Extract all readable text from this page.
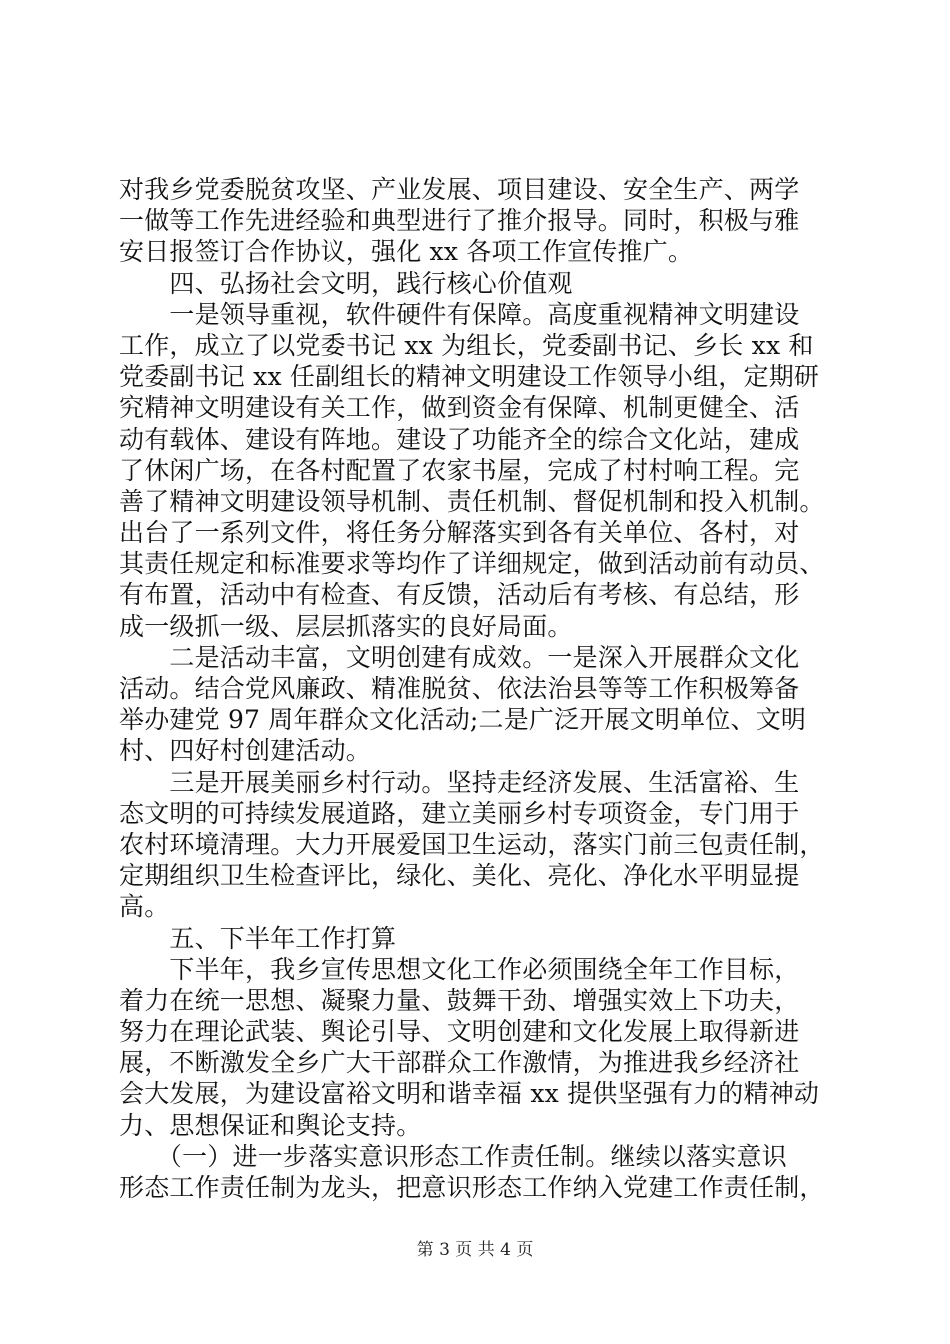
对我乡党委脱贫攻坚、产业发展、项目建设、安全生产、两学
一做等工作先进经验和典型进行了推介报导。同时，积极与雅
安日报签订合作协议，强化 xx 各项工作宣传推广。
　　四、弘扬社会文明，践行核心价值观
　　一是领导重视，软件硬件有保障。高度重视精神文明建设
工作，成立了以党委书记 xx 为组长，党委副书记、乡长 xx 和
党委副书记 xx 任副组长的精神文明建设工作领导小组，定期研
究精神文明建设有关工作，做到资金有保障、机制更健全、活
动有载体、建设有阵地。建设了功能齐全的综合文化站，建成
了休闲广场，在各村配置了农家书屋，完成了村村响工程。完
善了精神文明建设领导机制、责任机制、督促机制和投入机制。
出台了一系列文件，将任务分解落实到各有关单位、各村，对
其责任规定和标准要求等均作了详细规定，做到活动前有动员、
有布置，活动中有检查、有反馈，活动后有考核、有总结，形
成一级抓一级、层层抓落实的良好局面。
　　二是活动丰富，文明创建有成效。一是深入开展群众文化
活动。结合党风廉政、精准脱贫、依法治县等等工作积极筹备
举办建党 97 周年群众文化活动;二是广泛开展文明单位、文明
村、四好村创建活动。
　　三是开展美丽乡村行动。坚持走经济发展、生活富裕、生
态文明的可持续发展道路，建立美丽乡村专项资金，专门用于
农村环境清理。大力开展爱国卫生运动，落实门前三包责任制，
定期组织卫生检查评比，绿化、美化、亮化、净化水平明显提
高。
　　五、下半年工作打算
　　下半年，我乡宣传思想文化工作必须围绕全年工作目标，
着力在统一思想、凝聚力量、鼓舞干劲、增强实效上下功夫，
努力在理论武装、舆论引导、文明创建和文化发展上取得新进
展，不断激发全乡广大干部群众工作激情，为推进我乡经济社
会大发展，为建设富裕文明和谐幸福 xx 提供坚强有力的精神动
力、思想保证和舆论支持。
　　（一）进一步落实意识形态工作责任制。继续以落实意识
形态工作责任制为龙头，把意识形态工作纳入党建工作责任制，
第 3 页 共 4 页
